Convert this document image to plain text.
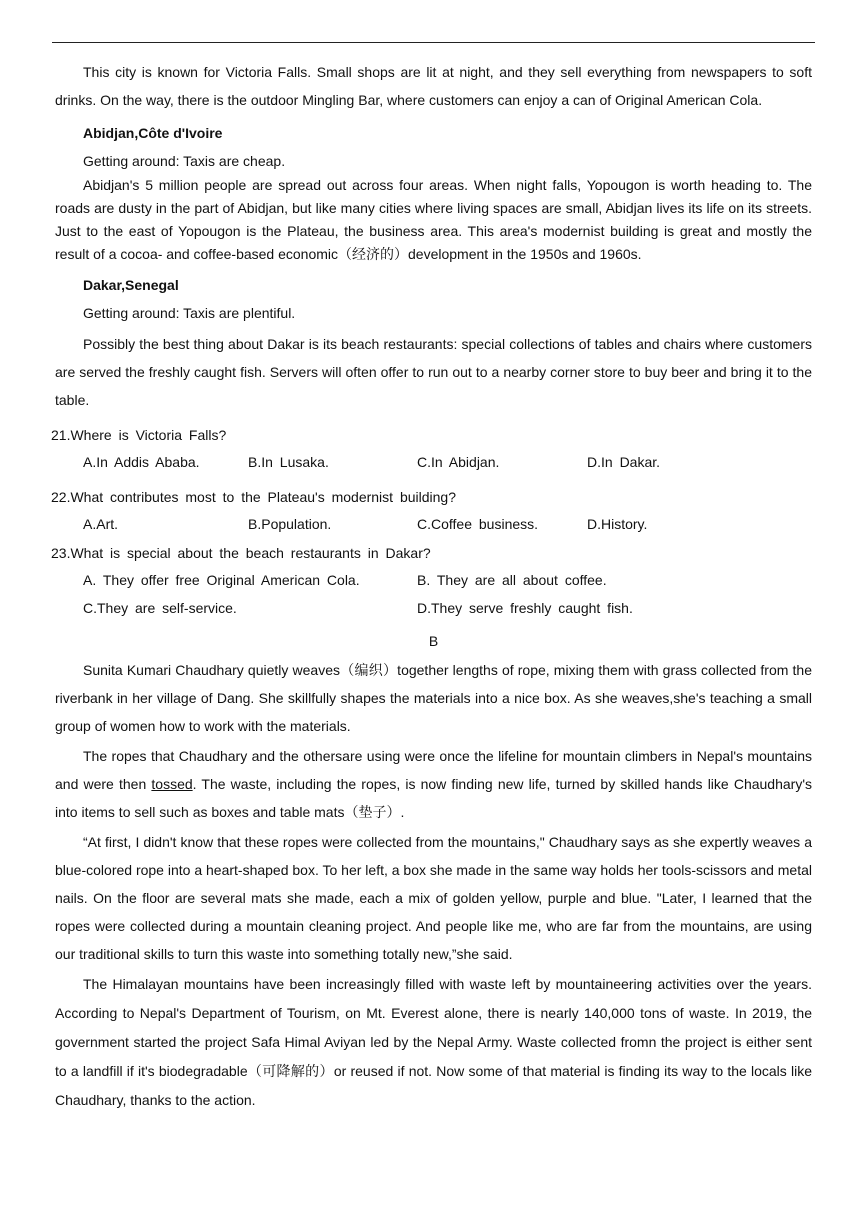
This city is known for Victoria Falls. Small shops are lit at night, and they sell everything from newspapers to soft drinks. On the way, there is the outdoor Mingling Bar, where customers can enjoy a can of Original American Cola.

Abidjan,Côte d'Ivoire

Getting around: Taxis are cheap.

Abidjan's 5 million people are spread out across four areas. When night falls, Yopougon is worth heading to. The roads are dusty in the part of Abidjan, but like many cities where living spaces are small, Abidjan lives its life on its streets. Just to the east of Yopougon is the Plateau, the business area. This area's modernist building is great and mostly the result of a cocoa- and coffee-based economic（经济的）development in the 1950s and 1960s.

Dakar,Senegal

Getting around: Taxis are plentiful.

Possibly the best thing about Dakar is its beach restaurants: special collections of tables and chairs where customers are served the freshly caught fish. Servers will often offer to run out to a nearby corner store to buy beer and bring it to the table.

21.Where is Victoria Falls?
A.In Addis Ababa.	B.In Lusaka.	C.In Abidjan.	D.In Dakar.
22.What contributes most to the Plateau's modernist building?
A.Art.	B.Population.	C.Coffee business.	D.History.
23.What is special about the beach restaurants in Dakar?
A. They offer free Original American Cola.	B. They are all about coffee.
C.They are self-service.	D.They serve freshly caught fish.
B

Sunita Kumari Chaudhary quietly weaves（编织）together lengths of rope, mixing them with grass collected from the riverbank in her village of Dang. She skillfully shapes the materials into a nice box. As she weaves,she's teaching a small group of women how to work with the materials.

The ropes that Chaudhary and the othersare using were once the lifeline for mountain climbers in Nepal's mountains and were then tossed. The waste, including the ropes, is now finding new life, turned by skilled hands like Chaudhary's into items to sell such as boxes and table mats（垫子）.

“At first, I didn't know that these ropes were collected from the mountains," Chaudhary says as she expertly weaves a blue-colored rope into a heart-shaped box. To her left, a box she made in the same way holds her tools-scissors and metal nails. On the floor are several mats she made, each a mix of golden yellow, purple and blue. "Later, I learned that the ropes were collected during a mountain cleaning project. And people like me, who are far from the mountains, are using our traditional skills to turn this waste into something totally new,”she said.

The Himalayan mountains have been increasingly filled with waste left by mountaineering activities over the years. According to Nepal's Department of Tourism, on Mt. Everest alone, there is nearly 140,000 tons of waste. In 2019, the government started the project Safa Himal Aviyan led by the Nepal Army. Waste collected fromn the project is either sent to a landfill if it's biodegradable（可降解的）or reused if not. Now some of that material is finding its way to the locals like Chaudhary, thanks to the action.
